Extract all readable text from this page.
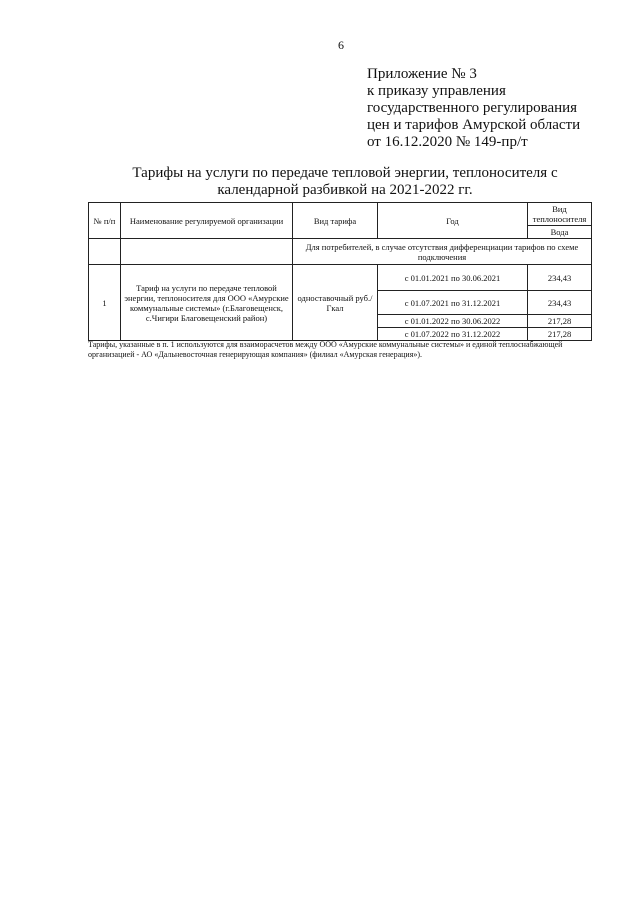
6
Приложение № 3
к приказу управления
государственного регулирования
цен и тарифов Амурской области
от 16.12.2020 № 149-пр/т
Тарифы на услуги по передаче тепловой энергии, теплоносителя с
календарной разбивкой на 2021-2022 гг.
№ п/п	Наименование регулируемой организации	Вид тарифа	Год	Вид теплоносителя
				Вода
		Для потребителей, в случае отсутствия дифференциации тарифов по схеме подключения		
1	Тариф на услуги по передаче тепловой энергии, теплоносителя для ООО «Амурские коммунальные системы» (г.Благовещенск, с.Чигири Благовещенский район)	одноставочный руб./Гкал	с 01.01.2021 по 30.06.2021	234,43
			с 01.07.2021 по 31.12.2021	234,43
			с 01.01.2022 по 30.06.2022	217,28
			с 01.07.2022 по 31.12.2022	217,28
Тарифы, указанные в п. 1 используются для взаиморасчетов между ООО «Амурские коммунальные системы» и единой теплоснабжающей организацией - АО «Дальневосточная генерирующая компания» (филиал «Амурская генерация»).
